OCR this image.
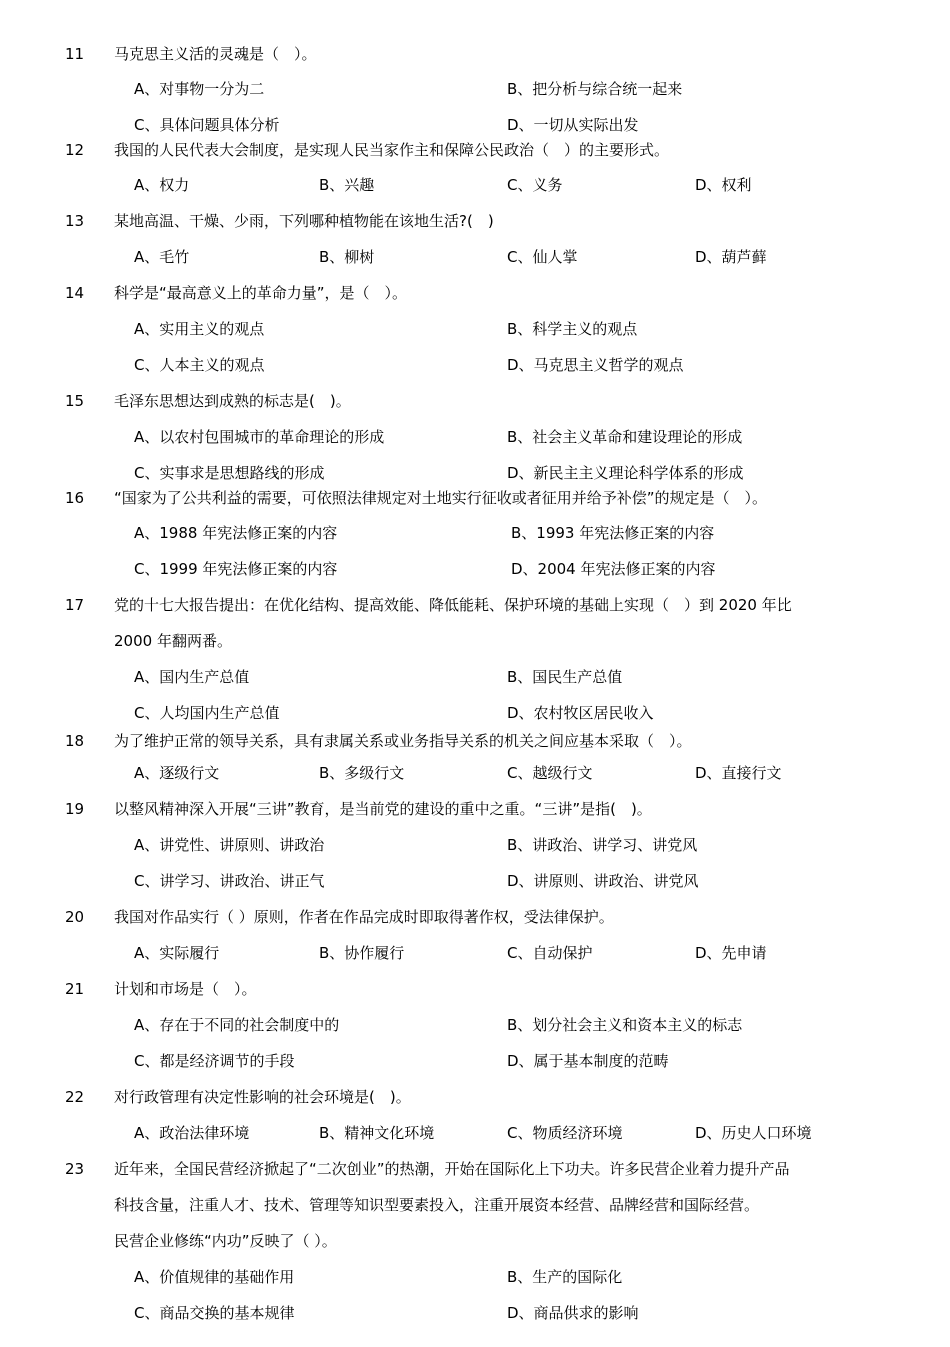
11 马克思主义活的灵魂是（　）。
A、对事物一分为二	B、把分析与综合统一起来
C、具体问题具体分析	D、一切从实际出发
12 我国的人民代表大会制度，是实现人民当家作主和保障公民政治（　）的主要形式。
A、权力	B、兴趣	C、义务	D、权利
13 某地高温、干燥、少雨，下列哪种植物能在该地生活?(　)
A、毛竹	B、柳树	C、仙人掌	D、葫芦藓
14 科学是“最高意义上的革命力量”，是（　）。
A、实用主义的观点	B、科学主义的观点
C、人本主义的观点	D、马克思主义哲学的观点
15 毛泽东思想达到成熟的标志是(　)。
A、以农村包围城市的革命理论的形成	B、社会主义革命和建设理论的形成
C、实事求是思想路线的形成	D、新民主主义理论科学体系的形成
16 “国家为了公共利益的需要，可依照法律规定对土地实行征收或者征用并给予补偿”的规定是（　）。
A、1988 年宪法修正案的内容	B、1993 年宪法修正案的内容
C、1999 年宪法修正案的内容	D、2004 年宪法修正案的内容
17 党的十七大报告提出：在优化结构、提高效能、降低能耗、保护环境的基础上实现（　）到 2020 年比
2000 年翻两番。
A、国内生产总值	B、国民生产总值
C、人均国内生产总值	D、农村牧区居民收入
18 为了维护正常的领导关系，具有隶属关系或业务指导关系的机关之间应基本采取（　）。
A、逐级行文	B、多级行文	C、越级行文	D、直接行文
19 以整风精神深入开展“三讲”教育，是当前党的建设的重中之重。“三讲”是指(　)。
A、讲党性、讲原则、讲政治	B、讲政治、讲学习、讲党风
C、讲学习、讲政治、讲正气	D、讲原则、讲政治、讲党风
20 我国对作品实行（ ）原则，作者在作品完成时即取得著作权，受法律保护。
A、实际履行	B、协作履行	C、自动保护	D、先申请
21 计划和市场是（　）。
A、存在于不同的社会制度中的	B、划分社会主义和资本主义的标志
C、都是经济调节的手段	D、属于基本制度的范畴
22 对行政管理有决定性影响的社会环境是(　)。
A、政治法律环境	B、精神文化环境	C、物质经济环境	D、历史人口环境
23 近年来，全国民营经济掀起了“二次创业”的热潮，开始在国际化上下功夫。许多民营企业着力提升产品
科技含量，注重人才、技术、管理等知识型要素投入，注重开展资本经营、品牌经营和国际经营。
民营企业修练“内功”反映了（ ）。
A、价值规律的基础作用	B、生产的国际化
C、商品交换的基本规律	D、商品供求的影响
